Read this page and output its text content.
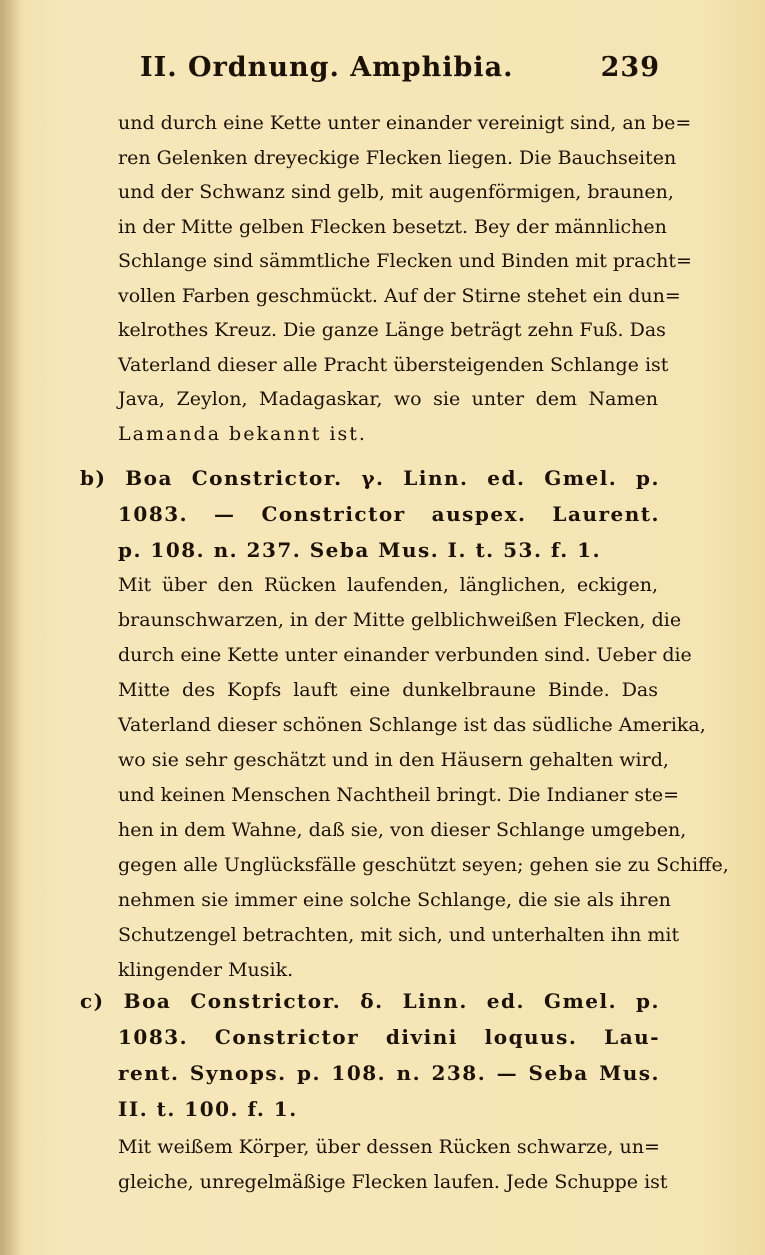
II. Ordnung. Amphibia.	239
und durch eine Kette unter einander vereinigt sind, an be=
ren Gelenken dreyeckige Flecken liegen. Die Bauchseiten
und der Schwanz sind gelb, mit augenförmigen, braunen,
in der Mitte gelben Flecken besetzt. Bey der männlichen
Schlange sind sämmtliche Flecken und Binden mit pracht=
vollen Farben geschmückt. Auf der Stirne stehet ein dun=
kelrothes Kreuz. Die ganze Länge beträgt zehn Fuß. Das
Vaterland dieser alle Pracht übersteigenden Schlange ist
Java, Zeylon, Madagaskar, wo sie unter dem Namen
Lamanda bekannt ist.
b) Boa Constrictor. γ. Linn. ed. Gmel. p.
1083. — Constrictor auspex. Laurent.
p. 108. n. 237. Seba Mus. I. t. 53. f. 1.
Mit über den Rücken laufenden, länglichen, eckigen,
braunschwarzen, in der Mitte gelblichweißen Flecken, die
durch eine Kette unter einander verbunden sind. Ueber die
Mitte des Kopfs lauft eine dunkelbraune Binde. Das
Vaterland dieser schönen Schlange ist das südliche Amerika,
wo sie sehr geschätzt und in den Häusern gehalten wird,
und keinen Menschen Nachtheil bringt. Die Indianer ste=
hen in dem Wahne, daß sie, von dieser Schlange umgeben,
gegen alle Unglücksfälle geschützt seyen; gehen sie zu Schiffe,
nehmen sie immer eine solche Schlange, die sie als ihren
Schutzengel betrachten, mit sich, und unterhalten ihn mit
klingender Musik.
c) Boa Constrictor. δ. Linn. ed. Gmel. p.
1083. Constrictor divini loquus. Lau-
rent. Synops. p. 108. n. 238. — Seba Mus.
II. t. 100. f. 1.
Mit weißem Körper, über dessen Rücken schwarze, un=
gleiche, unregelmäßige Flecken laufen. Jede Schuppe ist
